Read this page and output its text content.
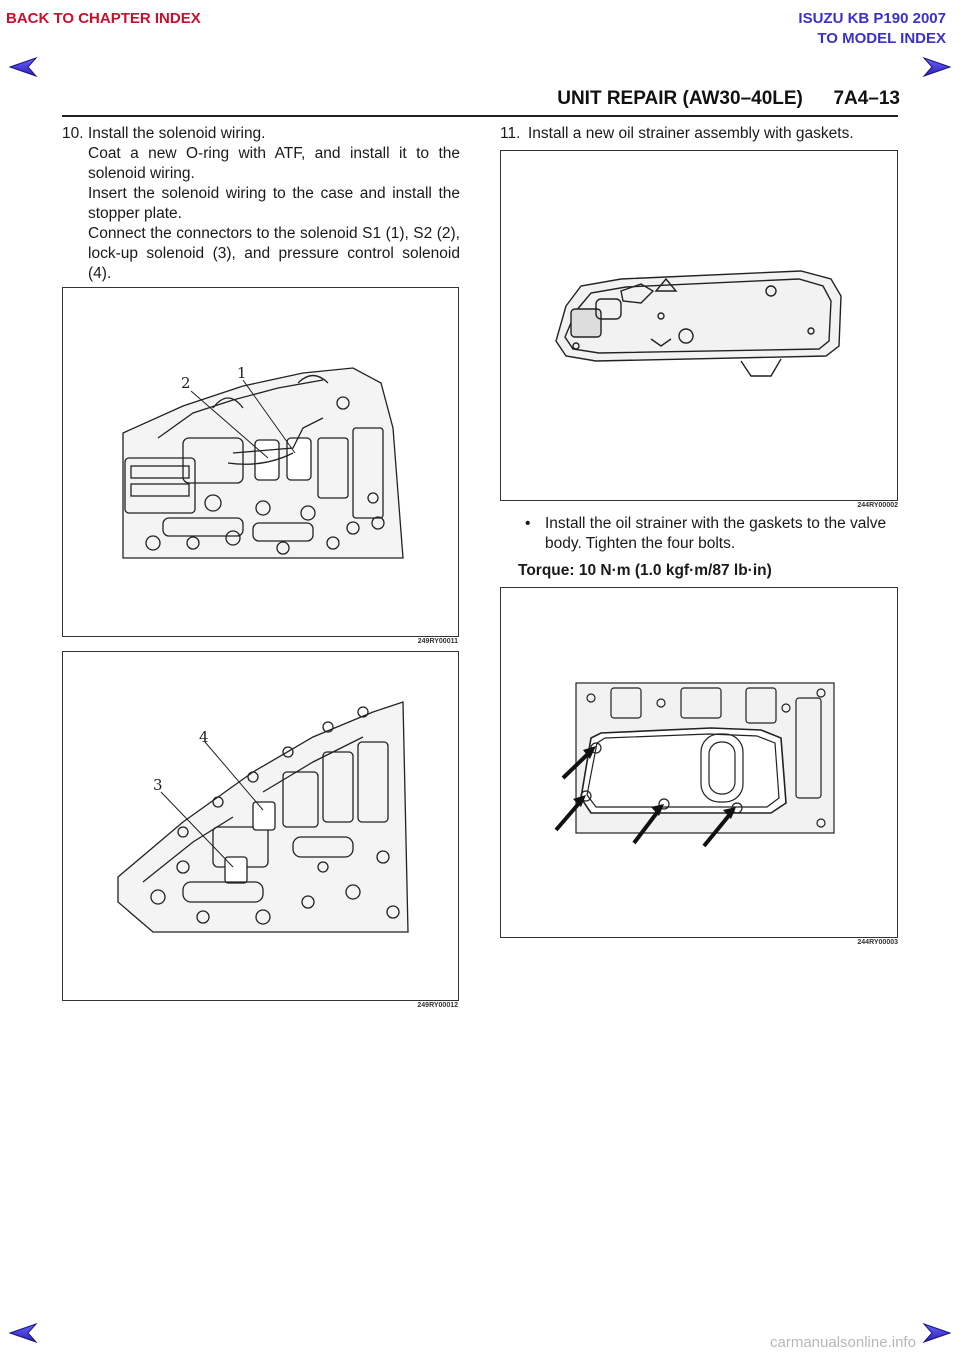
BACK TO CHAPTER INDEX	ISUZU KB P190 2007
TO MODEL INDEX
UNIT REPAIR (AW30–40LE) 7A4–13
10. Install the solenoid wiring.
Coat a new O-ring with ATF, and install it to the solenoid wiring.
Insert the solenoid wiring to the case and install the stopper plate.
Connect the connectors to the solenoid S1 (1), S2 (2), lock-up solenoid (3), and pressure control solenoid (4).
2
1
249RY00011
3
4
249RY00012
11. Install a new oil strainer assembly with gaskets.
244RY00002
• Install the oil strainer with the gaskets to the valve body. Tighten the four bolts.
Torque: 10 N·m (1.0 kgf·m/87 lb·in)
244RY00003
carmanualsonline.info
